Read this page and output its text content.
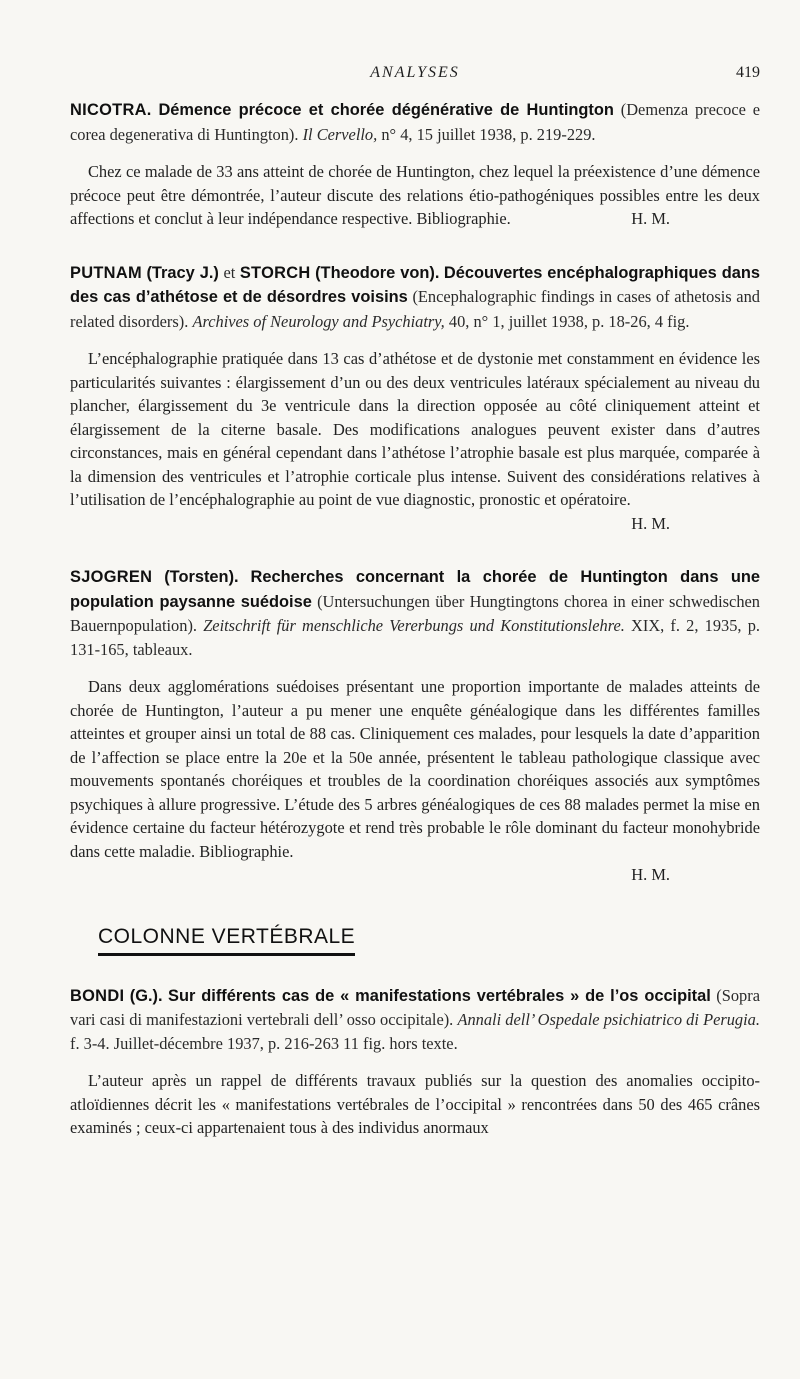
ANALYSES	419

NICOTRA. Démence précoce et chorée dégénérative de Huntington (Demenza precoce e corea degenerativa di Huntington). Il Cervello, n° 4, 15 juillet 1938, p. 219-229.

Chez ce malade de 33 ans atteint de chorée de Huntington, chez lequel la préexistence d’une démence précoce peut être démontrée, l’auteur discute des relations étio-pathogéniques possibles entre les deux affections et conclut à leur indépendance respective. Bibliographie.	H. M.

PUTNAM (Tracy J.) et STORCH (Theodore von). Découvertes encéphalographiques dans des cas d’athétose et de désordres voisins (Encephalographic findings in cases of athetosis and related disorders). Archives of Neurology and Psychiatry, 40, n° 1, juillet 1938, p. 18-26, 4 fig.

L’encéphalographie pratiquée dans 13 cas d’athétose et de dystonie met constamment en évidence les particularités suivantes : élargissement d’un ou des deux ventricules latéraux spécialement au niveau du plancher, élargissement du 3e ventricule dans la direction opposée au côté cliniquement atteint et élargissement de la citerne basale. Des modifications analogues peuvent exister dans d’autres circonstances, mais en général cependant dans l’athétose l’atrophie basale est plus marquée, comparée à la dimension des ventricules et l’atrophie corticale plus intense. Suivent des considérations relatives à l’utilisation de l’encéphalographie au point de vue diagnostic, pronostic et opératoire.
H. M.

SJOGREN (Torsten). Recherches concernant la chorée de Huntington dans une population paysanne suédoise (Untersuchungen über Hungtingtons chorea in einer schwedischen Bauernpopulation). Zeitschrift für menschliche Vererbungs und Konstitutionslehre. XIX, f. 2, 1935, p. 131-165, tableaux.

Dans deux agglomérations suédoises présentant une proportion importante de malades atteints de chorée de Huntington, l’auteur a pu mener une enquête généalogique dans les différentes familles atteintes et grouper ainsi un total de 88 cas. Cliniquement ces malades, pour lesquels la date d’apparition de l’affection se place entre la 20e et la 50e année, présentent le tableau pathologique classique avec mouvements spontanés choréiques et troubles de la coordination choréiques associés aux symptômes psychiques à allure progressive. L’étude des 5 arbres généalogiques de ces 88 malades permet la mise en évidence certaine du facteur hétérozygote et rend très probable le rôle dominant du facteur monohybride dans cette maladie. Bibliographie.

H. M.
COLONNE VERTÉBRALE

BONDI (G.). Sur différents cas de « manifestations vertébrales » de l’os occipital (Sopra vari casi di manifestazioni vertebrali dell’ osso occipitale). Annali dell’ Ospedale psichiatrico di Perugia. f. 3-4. Juillet-décembre 1937, p. 216-263 11 fig. hors texte.

L’auteur après un rappel de différents travaux publiés sur la question des anomalies occipito-atloïdiennes décrit les « manifestations vertébrales de l’occipital » rencontrées dans 50 des 465 crânes examinés ; ceux-ci appartenaient tous à des individus anormaux
